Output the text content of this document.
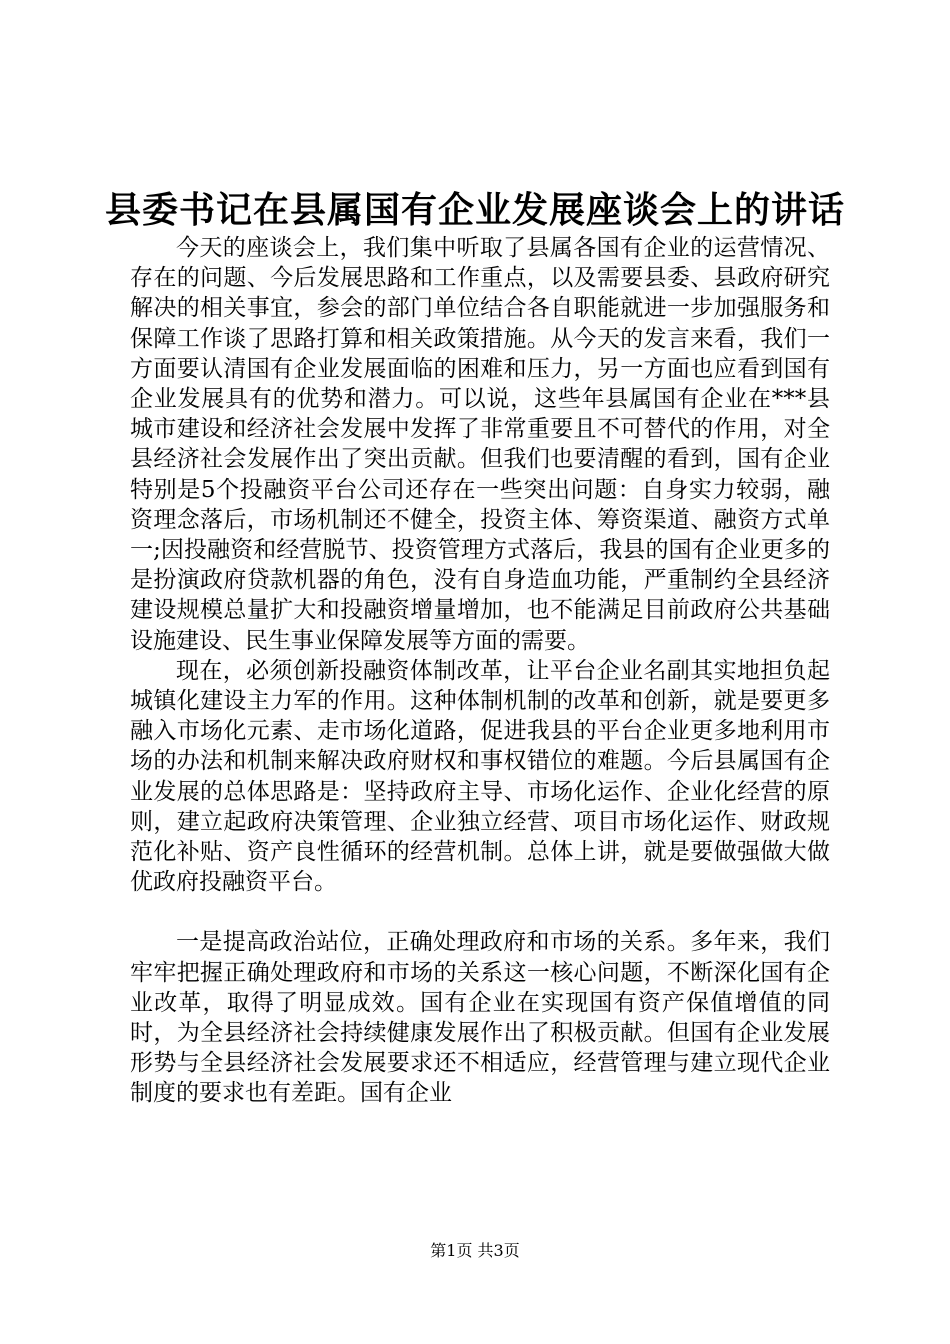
县委书记在县属国有企业发展座谈会上的讲话

今天的座谈会上，我们集中听取了县属各国有企业的运营情况、存在的问题、今后发展思路和工作重点，以及需要县委、县政府研究解决的相关事宜，参会的部门单位结合各自职能就进一步加强服务和保障工作谈了思路打算和相关政策措施。从今天的发言来看，我们一方面要认清国有企业发展面临的困难和压力，另一方面也应看到国有企业发展具有的优势和潜力。可以说，这些年县属国有企业在***县城市建设和经济社会发展中发挥了非常重要且不可替代的作用，对全县经济社会发展作出了突出贡献。但我们也要清醒的看到，国有企业特别是5个投融资平台公司还存在一些突出问题：自身实力较弱，融资理念落后，市场机制还不健全，投资主体、筹资渠道、融资方式单一;因投融资和经营脱节、投资管理方式落后，我县的国有企业更多的是扮演政府贷款机器的角色，没有自身造血功能，严重制约全县经济建设规模总量扩大和投融资增量增加，也不能满足目前政府公共基础设施建设、民生事业保障发展等方面的需要。

现在，必须创新投融资体制改革，让平台企业名副其实地担负起城镇化建设主力军的作用。这种体制机制的改革和创新，就是要更多融入市场化元素、走市场化道路，促进我县的平台企业更多地利用市场的办法和机制来解决政府财权和事权错位的难题。今后县属国有企业发展的总体思路是：坚持政府主导、市场化运作、企业化经营的原则，建立起政府决策管理、企业独立经营、项目市场化运作、财政规范化补贴、资产良性循环的经营机制。总体上讲，就是要做强做大做优政府投融资平台。

一是提高政治站位，正确处理政府和市场的关系。多年来，我们牢牢把握正确处理政府和市场的关系这一核心问题，不断深化国有企业改革，取得了明显成效。国有企业在实现国有资产保值增值的同时，为全县经济社会持续健康发展作出了积极贡献。但国有企业发展形势与全县经济社会发展要求还不相适应，经营管理与建立现代企业制度的要求也有差距。国有企业

第1页 共3页
